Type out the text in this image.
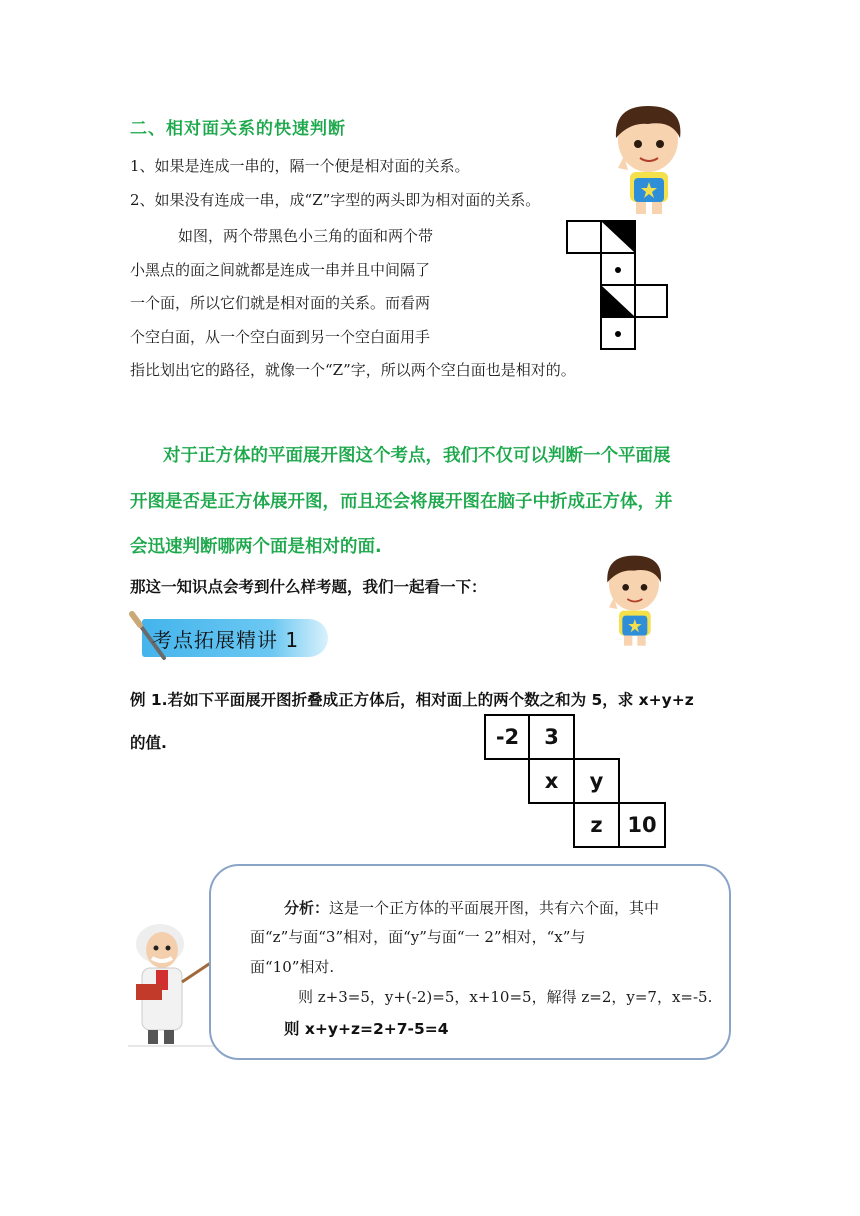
二、相对面关系的快速判断
1、如果是连成一串的，隔一个便是相对面的关系。
2、如果没有连成一串，成“Z”字型的两头即为相对面的关系。
如图，两个带黑色小三角的面和两个带
小黑点的面之间就都是连成一串并且中间隔了
一个面，所以它们就是相对面的关系。而看两
个空白面，从一个空白面到另一个空白面用手
指比划出它的路径，就像一个“Z”字，所以两个空白面也是相对的。
对于正方体的平面展开图这个考点，我们不仅可以判断一个平面展
开图是否是正方体展开图，而且还会将展开图在脑子中折成正方体，并
会迅速判断哪两个面是相对的面.
那这一知识点会考到什么样考题，我们一起看一下：
考点拓展精讲 1
例 1.若如下平面展开图折叠成正方体后，相对面上的两个数之和为 5，求 x+y+z
的值.	-2	3
x	y
z	10
分析：这是一个正方体的平面展开图，共有六个面，其中
面“z”与面“3”相对，面“y”与面“一 2”相对，“x”与
面“10”相对.
则 z+3=5，y+(-2)=5，x+10=5，解得 z=2，y=7，x=-5.
则 x+y+z=2+7-5=4
